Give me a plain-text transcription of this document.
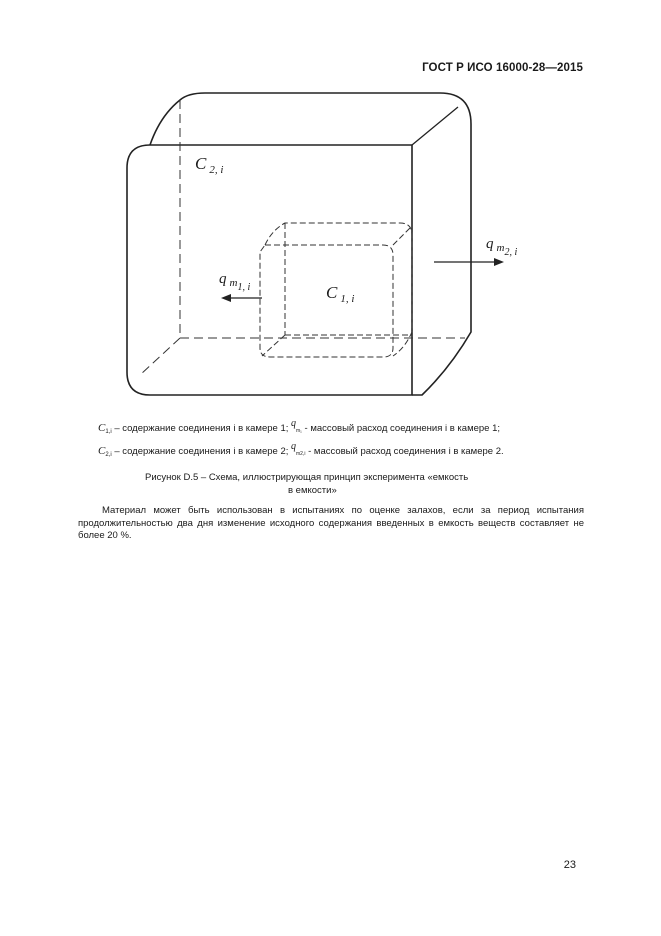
ГОСТ Р ИСО 16000-28—2015
C $_{2, i}$
C $_{1, i}$
q $_{m1, i}$
q $_{m2, i}$
$C_{1,i}$ – содержание соединения i в камере 1; qm₁ - массовый расход соединения i в камере 1;
$C_{2,i}$ – содержание соединения i в камере 2; qm2,i - массовый расход соединения i в камере 2.
Рисунок D.5 – Схема, иллюстрирующая принцип эксперимента «емкость
в емкости»
Материал может быть использован в испытаниях по оценке залахов, если за период испытания продолжительностью два дня изменение исходного содержания введенных в емкость веществ составляет не более 20 %.
23
